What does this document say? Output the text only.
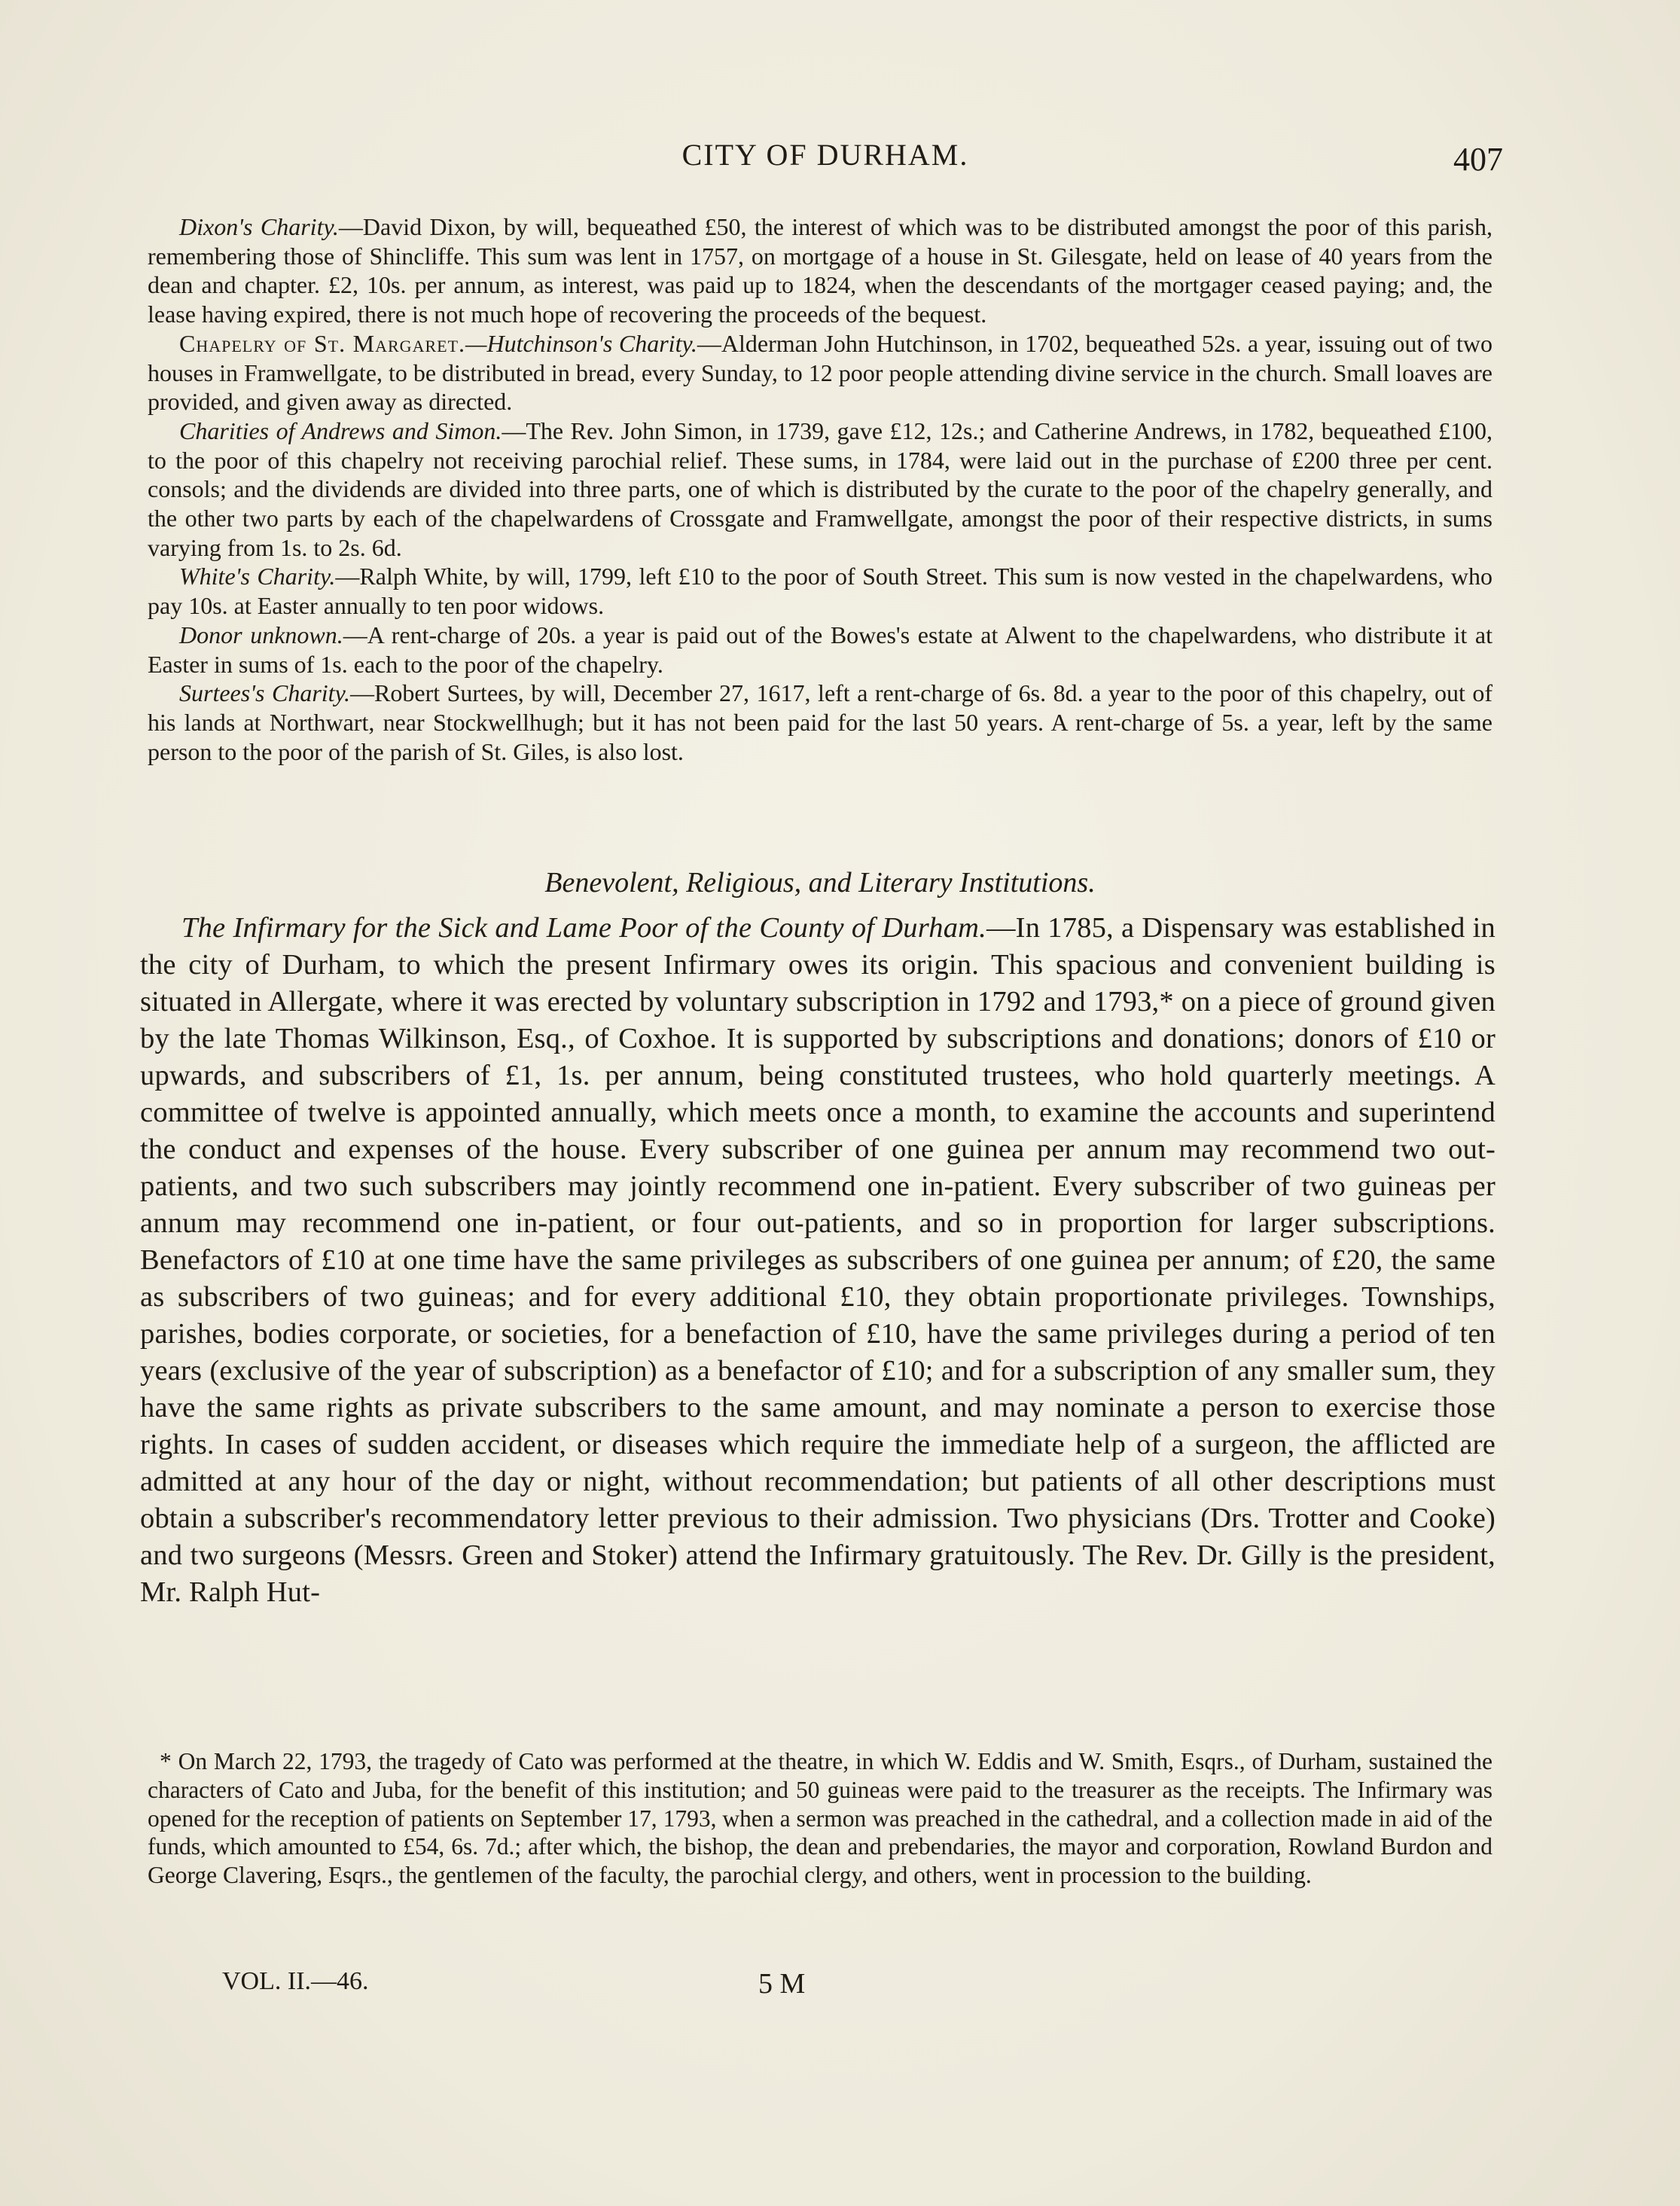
CITY OF DURHAM.	407

Dixon's Charity.—David Dixon, by will, bequeathed £50, the interest of which was to be distributed amongst the poor of this parish, remembering those of Shincliffe. This sum was lent in 1757, on mortgage of a house in St. Gilesgate, held on lease of 40 years from the dean and chapter. £2, 10s. per annum, as interest, was paid up to 1824, when the descendants of the mortgager ceased paying; and, the lease having expired, there is not much hope of recovering the proceeds of the bequest.

Chapelry of St. Margaret.—Hutchinson's Charity.—Alderman John Hutchinson, in 1702, bequeathed 52s. a year, issuing out of two houses in Framwellgate, to be distributed in bread, every Sunday, to 12 poor people attending divine service in the church. Small loaves are provided, and given away as directed.

Charities of Andrews and Simon.—The Rev. John Simon, in 1739, gave £12, 12s.; and Catherine Andrews, in 1782, bequeathed £100, to the poor of this chapelry not receiving parochial relief. These sums, in 1784, were laid out in the purchase of £200 three per cent. consols; and the dividends are divided into three parts, one of which is distributed by the curate to the poor of the chapelry generally, and the other two parts by each of the chapelwardens of Crossgate and Framwellgate, amongst the poor of their respective districts, in sums varying from 1s. to 2s. 6d.

White's Charity.—Ralph White, by will, 1799, left £10 to the poor of South Street. This sum is now vested in the chapelwardens, who pay 10s. at Easter annually to ten poor widows.

Donor unknown.—A rent-charge of 20s. a year is paid out of the Bowes's estate at Alwent to the chapelwardens, who distribute it at Easter in sums of 1s. each to the poor of the chapelry.

Surtees's Charity.—Robert Surtees, by will, December 27, 1617, left a rent-charge of 6s. 8d. a year to the poor of this chapelry, out of his lands at Northwart, near Stockwellhugh; but it has not been paid for the last 50 years. A rent-charge of 5s. a year, left by the same person to the poor of the parish of St. Giles, is also lost.

Benevolent, Religious, and Literary Institutions.

The Infirmary for the Sick and Lame Poor of the County of Durham.—In 1785, a Dispensary was established in the city of Durham, to which the present Infirmary owes its origin. This spacious and convenient building is situated in Allergate, where it was erected by voluntary subscription in 1792 and 1793,* on a piece of ground given by the late Thomas Wilkinson, Esq., of Coxhoe. It is supported by subscriptions and donations; donors of £10 or upwards, and subscribers of £1, 1s. per annum, being constituted trustees, who hold quarterly meetings. A committee of twelve is appointed annually, which meets once a month, to examine the accounts and superintend the conduct and expenses of the house. Every subscriber of one guinea per annum may recommend two out-patients, and two such subscribers may jointly recommend one in-patient. Every subscriber of two guineas per annum may recommend one in-patient, or four out-patients, and so in proportion for larger subscriptions. Benefactors of £10 at one time have the same privileges as subscribers of one guinea per annum; of £20, the same as subscribers of two guineas; and for every additional £10, they obtain proportionate privileges. Townships, parishes, bodies corporate, or societies, for a benefaction of £10, have the same privileges during a period of ten years (exclusive of the year of subscription) as a benefactor of £10; and for a subscription of any smaller sum, they have the same rights as private subscribers to the same amount, and may nominate a person to exercise those rights. In cases of sudden accident, or diseases which require the immediate help of a surgeon, the afflicted are admitted at any hour of the day or night, without recommendation; but patients of all other descriptions must obtain a subscriber's recommendatory letter previous to their admission. Two physicians (Drs. Trotter and Cooke) and two surgeons (Messrs. Green and Stoker) attend the Infirmary gratuitously. The Rev. Dr. Gilly is the president, Mr. Ralph Hut-

* On March 22, 1793, the tragedy of Cato was performed at the theatre, in which W. Eddis and W. Smith, Esqrs., of Durham, sustained the characters of Cato and Juba, for the benefit of this institution; and 50 guineas were paid to the treasurer as the receipts. The Infirmary was opened for the reception of patients on September 17, 1793, when a sermon was preached in the cathedral, and a collection made in aid of the funds, which amounted to £54, 6s. 7d.; after which, the bishop, the dean and prebendaries, the mayor and corporation, Rowland Burdon and George Clavering, Esqrs., the gentlemen of the faculty, the parochial clergy, and others, went in procession to the building.

VOL. II.—46.	5 M
